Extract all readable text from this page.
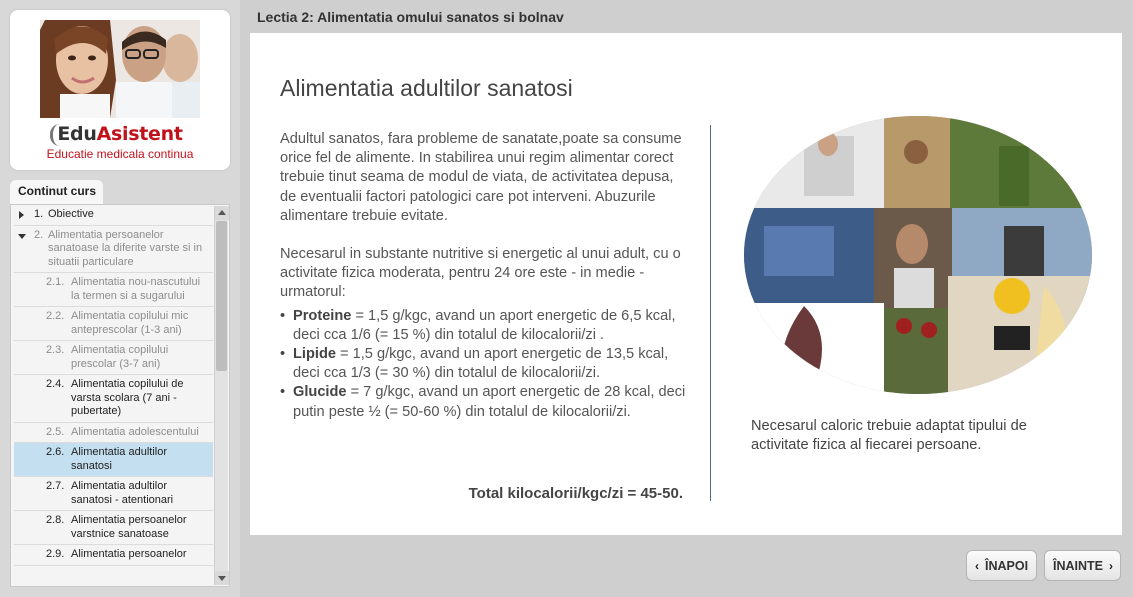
EduAsistent
Educatie medicala continua
Continut curs
1. Obiective
2. Alimentatia persoanelor sanatoase la diferite varste si in situatii particulare
2.1. Alimentatia nou-nascutului la termen si a sugarului
2.2. Alimentatia copilului mic anteprescolar (1-3 ani)
2.3. Alimentatia copilului prescolar (3-7 ani)
2.4. Alimentatia copilului de varsta scolara (7 ani - pubertate)
2.5. Alimentatia adolescentului
2.6. Alimentatia adultilor sanatosi
2.7. Alimentatia adultilor sanatosi - atentionari
2.8. Alimentatia persoanelor varstnice sanatoase
2.9. Alimentatia persoanelor
Lectia 2: Alimentatia omului sanatos si bolnav
Alimentatia adultilor sanatosi

Adultul sanatos, fara probleme de sanatate,poate sa consume orice fel de alimente. In stabilirea unui regim alimentar corect trebuie tinut seama de modul de viata, de activitatea depusa, de eventualii factori patologici care pot interveni. Abuzurile alimentare trebuie evitate.

Necesarul in substante nutritive si energetic al unui adult, cu o activitate fizica moderata, pentru 24 ore este - in medie - urmatorul:

• Proteine = 1,5 g/kgc, avand un aport energetic de 6,5 kcal, deci cca 1/6 (= 15 %) din totalul de kilocalorii/zi .
• Lipide = 1,5 g/kgc, avand un aport energetic de 13,5 kcal, deci cca 1/3 (= 30 %) din totalul de kilocalorii/zi.
• Glucide = 7 g/kgc, avand un aport energetic de 28 kcal, deci putin peste ½ (= 50-60 %) din totalul de kilocalorii/zi.
Total kilocalorii/kgc/zi = 45-50.
Necesarul caloric trebuie adaptat tipului de activitate fizica al fiecarei persoane.
‹ ÎNAPOI ÎNAINTE ›
